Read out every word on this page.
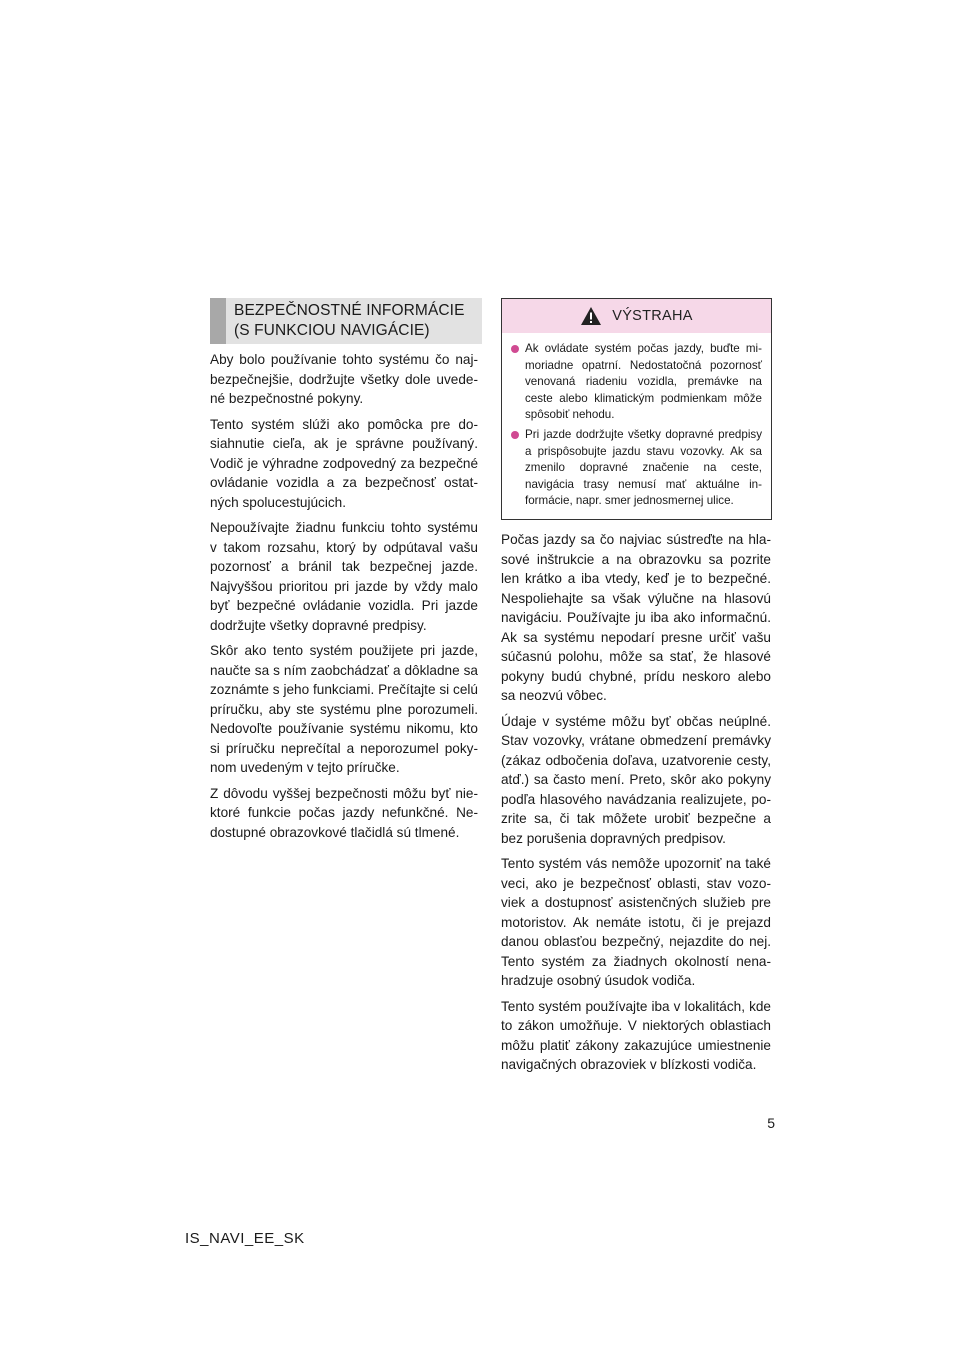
BEZPEČNOSTNÉ INFORMÁCIE
(S FUNKCIOU NAVIGÁCIE)

Aby bolo používanie tohto systému čo najbezpečnejšie, dodržujte všetky dole uvedené bezpečnostné pokyny.

Tento systém slúži ako pomôcka pre dosiahnutie cieľa, ak je správne používaný. Vodič je výhradne zodpovedný za bezpečné ovládanie vozidla a za bezpečnosť ostatných spolucestujúcich.

Nepoužívajte žiadnu funkciu tohto systému v takom rozsahu, ktorý by odpútaval vašu pozornosť a bránil tak bezpečnej jazde. Najvyššou prioritou pri jazde by vždy malo byť bezpečné ovládanie vozidla. Pri jazde dodržujte všetky dopravné predpisy.

Skôr ako tento systém použijete pri jazde, naučte sa s ním zaobchádzať a dôkladne sa zoznámte s jeho funkciami. Prečítajte si celú príručku, aby ste systému plne porozumeli. Nedovoľte používanie systému nikomu, kto si príručku neprečítal a neporozumel pokynom uvedeným v tejto príručke.

Z dôvodu vyššej bezpečnosti môžu byť niektoré funkcie počas jazdy nefunkčné. Nedostupné obrazovkové tlačidlá sú tlmené.

VÝSTRAHA
Ak ovládate systém počas jazdy, buďte mimoriadne opatrní. Nedostatočná pozornosť venovaná riadeniu vozidla, premávke na ceste alebo klimatickým podmienkam môže spôsobiť nehodu.
Pri jazde dodržujte všetky dopravné predpisy a prispôsobujte jazdu stavu vozovky. Ak sa zmenilo dopravné značenie na ceste, navigácia trasy nemusí mať aktuálne informácie, napr. smer jednosmernej ulice.

Počas jazdy sa čo najviac sústreďte na hlasové inštrukcie a na obrazovku sa pozrite len krátko a iba vtedy, keď je to bezpečné. Nespoliehajte sa však výlučne na hlasovú navigáciu. Používajte ju iba ako informačnú. Ak sa systému nepodarí presne určiť vašu súčasnú polohu, môže sa stať, že hlasové pokyny budú chybné, prídu neskoro alebo sa neozvú vôbec.

Údaje v systéme môžu byť občas neúplné. Stav vozovky, vrátane obmedzení premávky (zákaz odbočenia doľava, uzatvorenie cesty, atď.) sa často mení. Preto, skôr ako pokyny podľa hlasového navádzania realizujete, pozrite sa, či tak môžete urobiť bezpečne a bez porušenia dopravných predpisov.

Tento systém vás nemôže upozorniť na také veci, ako je bezpečnosť oblasti, stav vozoviek a dostupnosť asistenčných služieb pre motoristov. Ak nemáte istotu, či je prejazd danou oblasťou bezpečný, nejazdite do nej. Tento systém za žiadnych okolností nenahradzuje osobný úsudok vodiča.

Tento systém používajte iba v lokalitách, kde to zákon umožňuje. V niektorých oblastiach môžu platiť zákony zakazujúce umiestnenie navigačných obrazoviek v blízkosti vodiča.

5
IS_NAVI_EE_SK
